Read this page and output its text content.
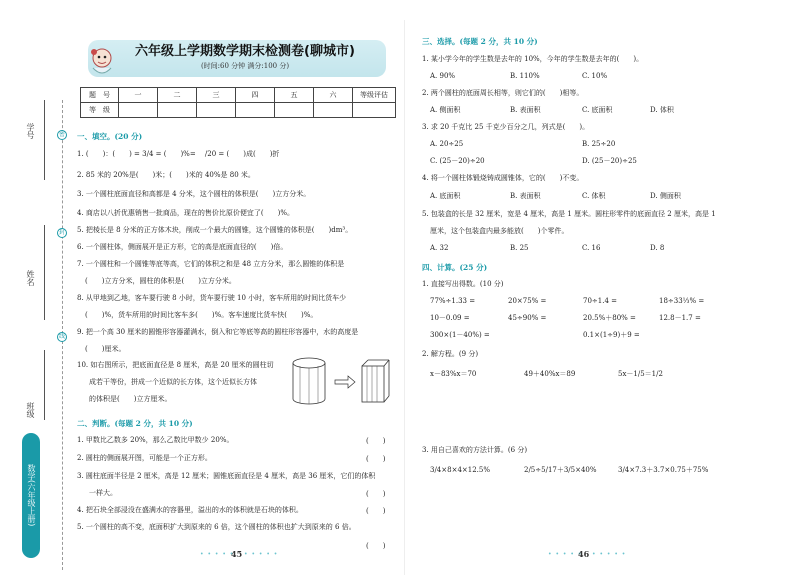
学号
姓名
班级
密
封
线
数学(六年级上册)
六年级上学期数学期末检测卷(聊城市)
(时间:60 分钟 满分:100 分)
题　号	一	二	三	四	五	六	等级评估
等　级							
一、填空。(20 分)
1. (　　)：(　　) = 3/4 = (　　)%= 　/20 = (　　)成(　　)折
2. 85 米的 20%是(　　)米；(　　)米的 40%是 80 米。
3. 一个圆柱底面直径和高都是 4 分米，这个圆柱的体积是(　　)立方分米。
4. 商店以八折优惠销售一批商品，现在的售价比原价便宜了(　　)%。
5. 把棱长是 8 分米的正方体木块，削成一个最大的圆锥，这个圆锥的体积是(　　)dm³。
6. 一个圆柱体，侧面展开是正方形，它的高是底面直径的(　　)倍。
7. 一个圆柱和一个圆锥等底等高，它们的体积之和是 48 立方分米，那么圆锥的体积是
(　　)立方分米，圆柱的体积是(　　)立方分米。
8. 从甲地到乙地，客车要行驶 8 小时，货车要行驶 10 小时，客车所用的时间比货车少
(　　)%，货车所用的时间比客车多(　　)%。客车速度比货车快(　　)%。
9. 把一个高 30 厘米的圆锥形容器灌满水，倒入和它等底等高的圆柱形容器中，水的高度是
(　　)厘米。
10. 如右图所示，把底面直径是 8 厘米，高是 20 厘米的圆柱切
成若干等份，拼成一个近似的长方体，这个近似长方体
的体积是(　　)立方厘米。
二、判断。(每题 2 分，共 10 分)
1. 甲数比乙数多 20%，那么乙数比甲数少 20%。	(　　)
2. 圆柱的侧面展开图，可能是一个正方形。	(　　)
3. 圆柱底面半径是 2 厘米，高是 12 厘米；圆锥底面直径是 4 厘米，高是 36 厘米，它们的体积
一样大。	(　　)
4. 把石块全部浸没在盛满水的容器里，溢出的水的体积就是石块的体积。	(　　)
5. 一个圆柱的高不变，底面积扩大到原来的 6 倍，这个圆柱的体积也扩大到原来的 6 倍。
(　　)
• • • • •
45 • • • • •
三、选择。(每题 2 分，共 10 分)
1. 某小学今年的学生数是去年的 10%，今年的学生数是去年的(　　)。
A. 90%	B. 110%	C. 10%
2. 两个圆柱的底面周长相等，则它们的(　　)相等。
A. 侧面积	B. 表面积	C. 底面积	D. 体积
3. 求 20 千克比 25 千克少百分之几，列式是(　　)。
A. 20÷25	B. 25÷20
C. (25－20)÷20	D. (25－20)÷25
4. 将一个圆柱体锻烧铸成圆锥体，它的(　　)不变。
A. 底面积	B. 表面积	C. 体积	D. 侧面积
5. 包装盒的长是 32 厘米，宽是 4 厘米，高是 1 厘米。圆柱形零件的底面直径 2 厘米，高是 1
厘米，这个包装盒内最多能放(　　)个零件。
A. 32	B. 25	C. 16	D. 8
四、计算。(25 分)
1. 直接写出得数。(10 分)
77%÷1.33 =	20×75% =	70÷1.4 =	18÷33⅓% =
10－0.09 =	45÷90% =	20.5%＋80% =	12.8－1.7 =
300×(1－40%) =	0.1×(1÷9)＋9 =
2. 解方程。(9 分)
x－83%x＝70	49＋40%x＝89	5x－1/5＝1/2
3. 用自己喜欢的方法计算。(6 分)
3/4×8×4×12.5%	2/5÷5/17＋3/5×40%	3/4×7.3＋3.7×0.75＋75%
• • • • •
46 • • • • •
